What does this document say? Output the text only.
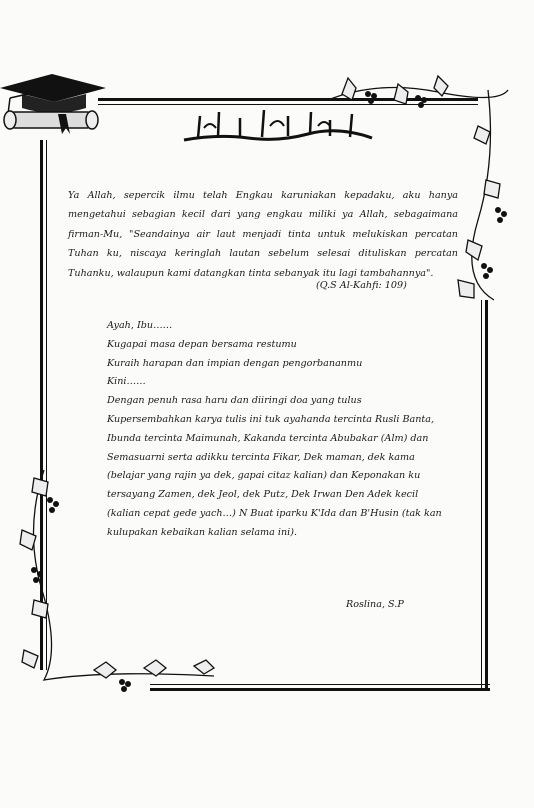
Ya Allah, sepercik ilmu telah Engkau karuniakan kepadaku, aku hanya mengetahui sebagian kecil dari yang engkau miliki ya Allah, sebagaimana firman-Mu, "Seandainya air laut menjadi tinta untuk melukiskan percatan Tuhan ku, niscaya keringlah lautan sebelum selesai dituliskan percatan Tuhanku, walaupun kami datangkan tinta sebanyak itu lagi tambahannya".

(Q.S Al-Kahfi: 109)

Ayah, Ibu……

Kugapai masa depan bersama restumu

Kuraih harapan dan impian dengan pengorbananmu

Kini……

Dengan penuh rasa haru dan diiringi doa yang tulus

Kupersembahkan karya tulis ini tuk ayahanda tercinta Rusli Banta, Ibunda tercinta Maimunah, Kakanda tercinta Abubakar (Alm) dan Semasuarni serta adikku tercinta Fikar, Dek maman, dek kama (belajar yang rajin ya dek, gapai citaz kalian) dan Keponakan ku tersayang Zamen, dek Jeol, dek Putz, Dek Irwan Den Adek kecil (kalian cepat gede yach…) N Buat iparku K'Ida dan B'Husin (tak kan kulupakan kebaikan kalian selama ini).

Roslina, S.P
